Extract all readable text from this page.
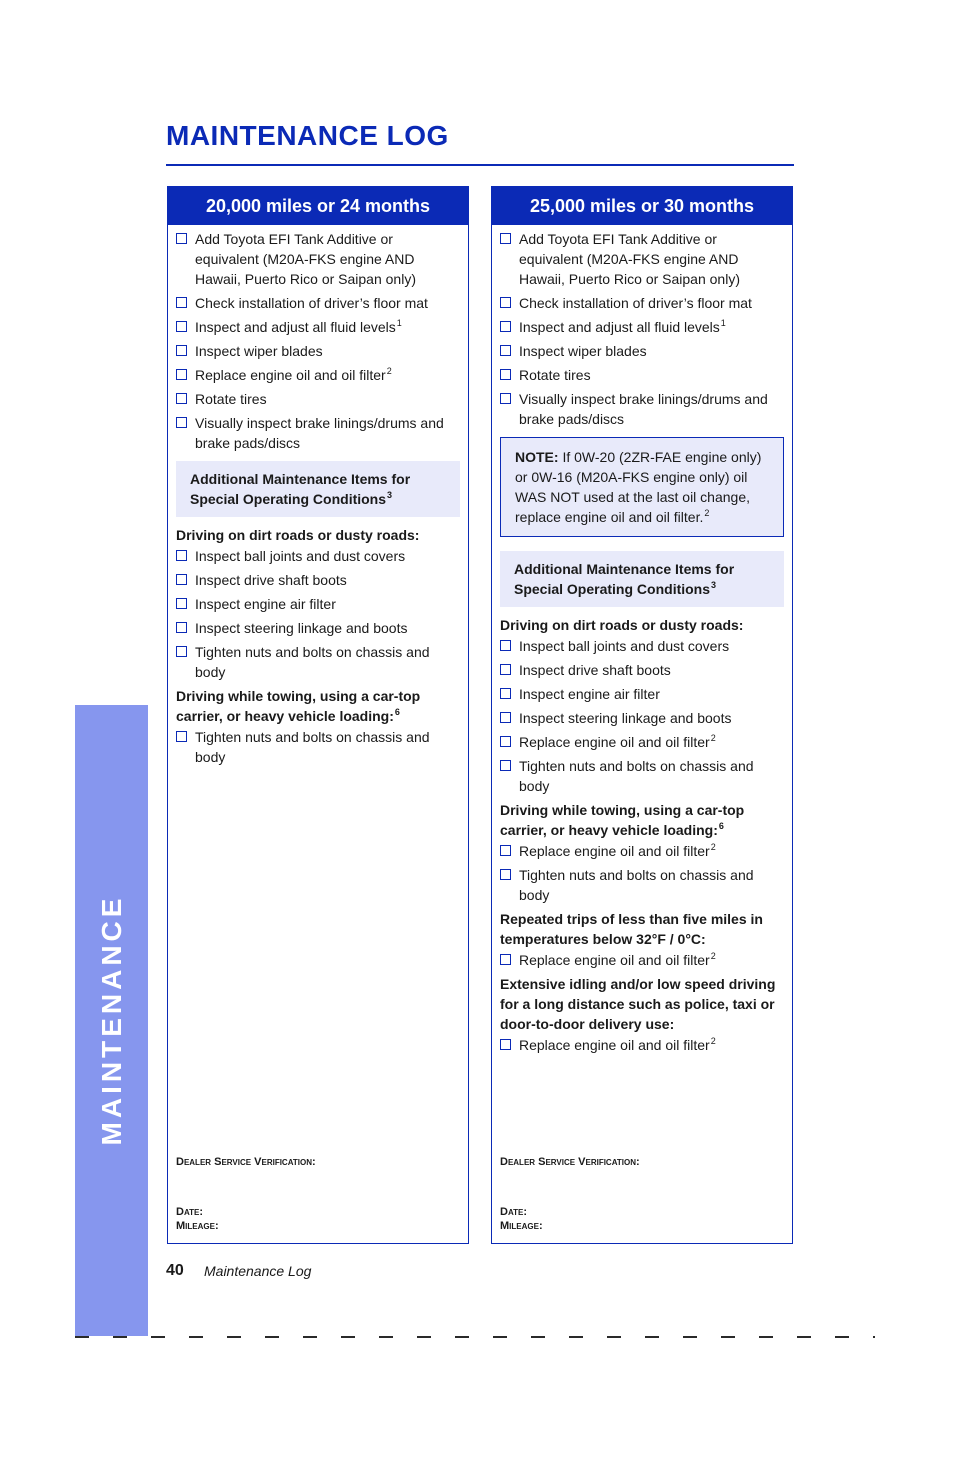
MAINTENANCE
MAINTENANCE LOG
20,000 miles or 24 months
Add Toyota EFI Tank Additive or equivalent (M20A-FKS engine AND Hawaii, Puerto Rico or Saipan only)
Check installation of driver’s floor mat
Inspect and adjust all fluid levels$^1$
Inspect wiper blades
Replace engine oil and oil filter$^2$
Rotate tires
Visually inspect brake linings/drums and brake pads/discs
Additional Maintenance Items for Special Operating Conditions$^3$
Driving on dirt roads or dusty roads:
Inspect ball joints and dust covers
Inspect drive shaft boots
Inspect engine air filter
Inspect steering linkage and boots
Tighten nuts and bolts on chassis and body
Driving while towing, using a car-top carrier, or heavy vehicle loading:$^6$
Tighten nuts and bolts on chassis and body
Dealer Service Verification:
Date:
Mileage:
25,000 miles or 30 months
Add Toyota EFI Tank Additive or equivalent (M20A-FKS engine AND Hawaii, Puerto Rico or Saipan only)
Check installation of driver’s floor mat
Inspect and adjust all fluid levels$^1$
Inspect wiper blades
Rotate tires
Visually inspect brake linings/drums and brake pads/discs
NOTE: If 0W-20 (2ZR-FAE engine only) or 0W-16 (M20A-FKS engine only) oil WAS NOT used at the last oil change, replace engine oil and oil filter.$^2$
Additional Maintenance Items for Special Operating Conditions$^3$
Driving on dirt roads or dusty roads:
Inspect ball joints and dust covers
Inspect drive shaft boots
Inspect engine air filter
Inspect steering linkage and boots
Replace engine oil and oil filter$^2$
Tighten nuts and bolts on chassis and body
Driving while towing, using a car-top carrier, or heavy vehicle loading:$^6$
Replace engine oil and oil filter$^2$
Tighten nuts and bolts on chassis and body
Repeated trips of less than five miles in temperatures below 32°F / 0°C:
Replace engine oil and oil filter$^2$
Extensive idling and/or low speed driving for a long distance such as police, taxi or door-to-door delivery use:
Replace engine oil and oil filter$^2$
Dealer Service Verification:
Date:
Mileage:
40 Maintenance Log
